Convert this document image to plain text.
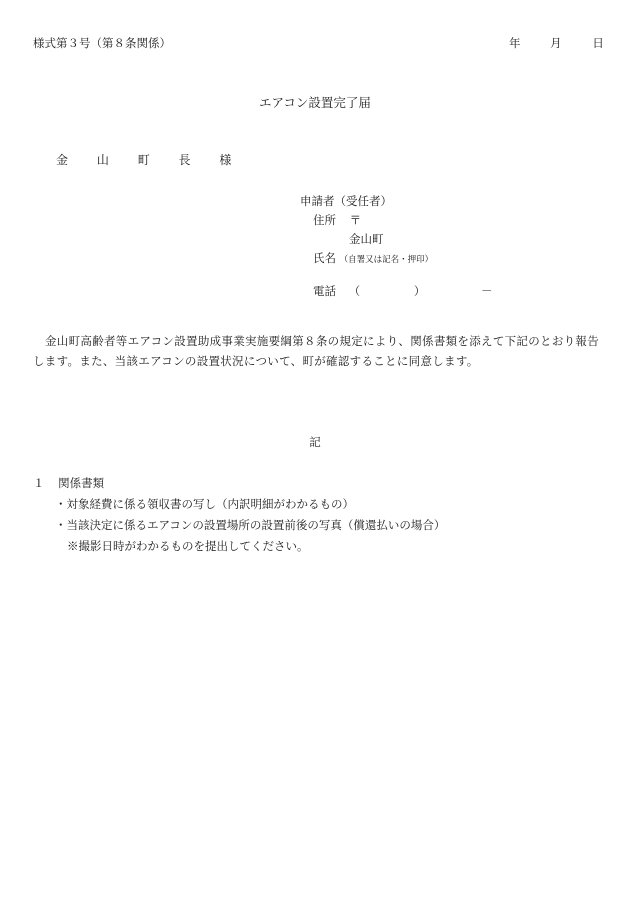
様式第３号（第８条関係）	年	月	日
エアコン設置完了届
金 山 町 長 様
申請者（受任者）
住所 〒
金山町
氏名 （自署又は記名・押印）
電話 （	）	－
金山町高齢者等エアコン設置助成事業実施要綱第８条の規定により、関係書類を添えて下記のとおり報告します。また、当該エアコンの設置状況について、町が確認することに同意します。
記
１ 関係書類
・対象経費に係る領収書の写し（内訳明細がわかるもの）
・当該決定に係るエアコンの設置場所の設置前後の写真（償還払いの場合）
※撮影日時がわかるものを提出してください。
